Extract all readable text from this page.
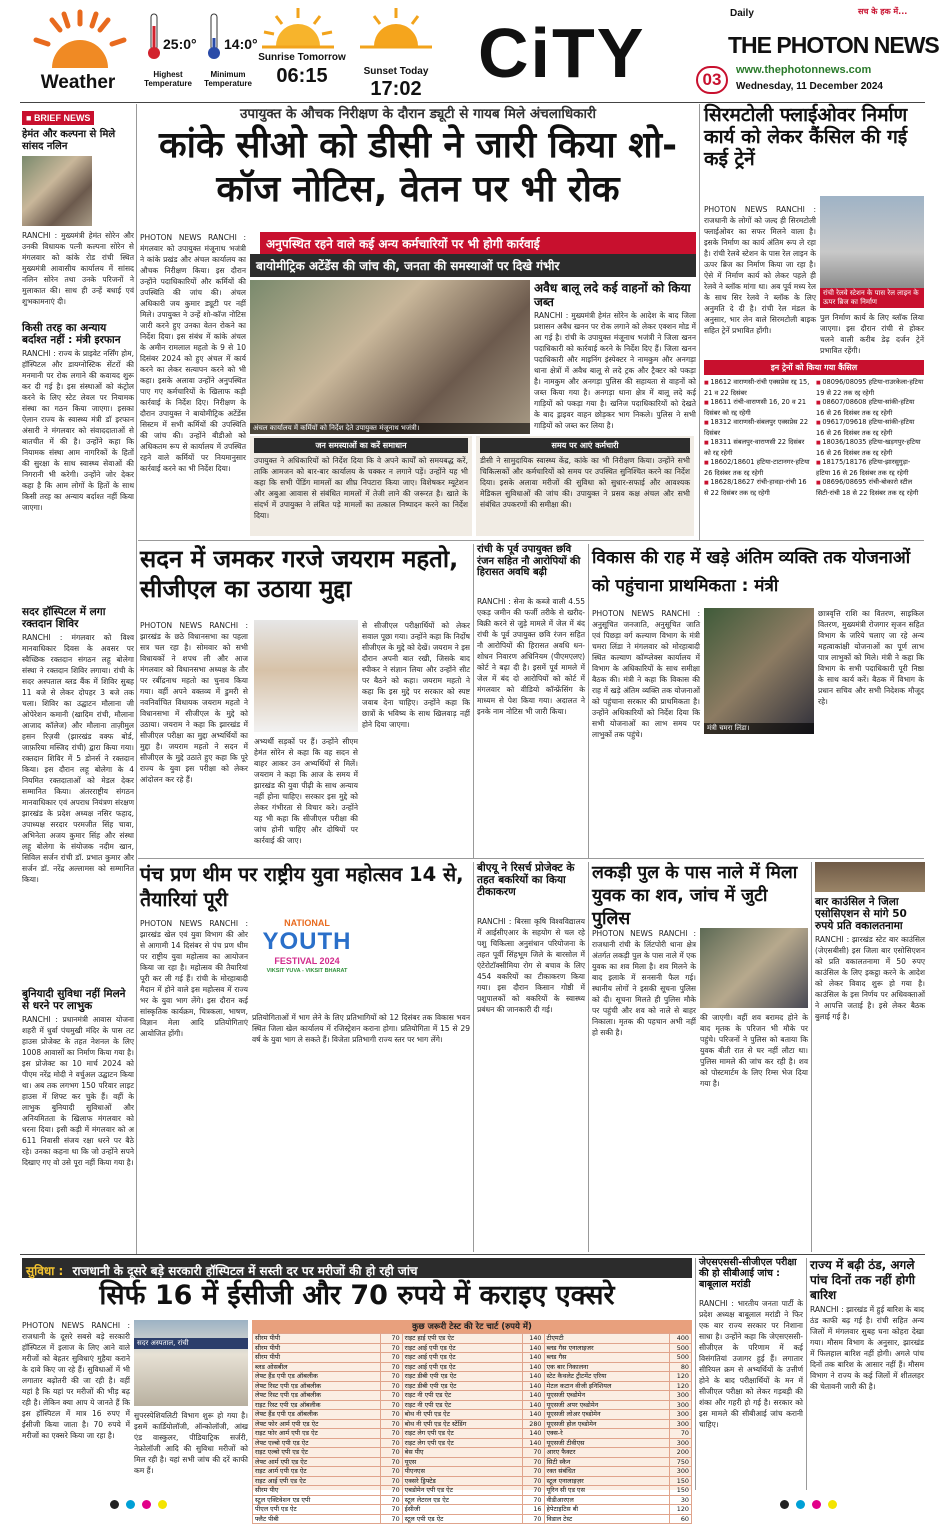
Weather
25:0°
Highest Temperature
14:0°
Minimum Temperature
Sunrise Tomorrow
06:15	Sunset Today
17:02 CiTY
Daily	सच के हक में...
THE PHOTON NEWS
03	www.thephotonnews.com
Wednesday, 11 December 2024
■ BRIEF NEWS
हेमंत और कल्पना से मिले सांसद नलिन
RANCHI : मुख्यमंत्री हेमंत सोरेन और उनकी विधायक पत्नी कल्पना सोरेन से मंगलवार को कांके रोड रांची स्थित मुख्यमंत्री आवासीय कार्यालय में सांसद नलिन सोरेन तथा उनके परिजनों ने मुलाकात की। साथ ही उन्हें बधाई एवं शुभकामनाएं दी।
किसी तरह का अन्याय बर्दाश्त नहीं : मंत्री इरफान
RANCHI : राज्य के प्राइवेट नर्सिंग होम, हॉस्पिटल और डायग्नोस्टिक सेंटरों की मनमानी पर रोक लगाने की कवायद शुरू कर दी गई है। इस संस्थाओं को कंट्रोल करने के लिए स्टेट लेवल पर नियामक संस्था का गठन किया जाएगा। इसका ऐलान राज्य के स्वास्थ्य मंत्री डॉ इरफान अंसारी ने मंगलवार को संवाददाताओं से बातचीत में की है। उन्होंने कहा कि नियामक संस्था आम नागरिकों के हितों की सुरक्षा के साथ स्वास्थ्य सेवाओं की निगरानी भी करेगी। उन्होंने जोर देकर कहा है कि आम लोगों के हितों के साथ किसी तरह का अन्याय बर्दाश्त नहीं किया जाएगा।
सदर हॉस्पिटल में लगा रक्तदान शिविर
RANCHI : मंगलवार को विश्व मानवाधिकार दिवस के अवसर पर स्वैच्छिक रक्तदान संगठन लहू बोलेगा संस्था ने रक्तदान शिविर लगाया। रांची के सदर अस्पताल ब्लड बैंक में शिविर सुबह 11 बजे से लेकर दोपहर 3 बजे तक चला। शिविर का उद्घाटन मौलाना जी ओपेरेशन कमानी (खादिम रांची, मौलाना आजाद कॉलेज) और मौलाना ताज़ीमुल हसन रिज़वी (झारखंड वक्फ बोर्ड, जाफ़रिया मस्जिद रांची) द्वारा किया गया। रक्तदान शिविर में 5 डोनर्स ने रक्तदान किया। इस दौरान लहू बोलेगा के 4 नियमित रक्तदाताओं को मेडल देकर सम्मानित किया। अंतरराष्ट्रीय संगठन मानवाधिकार एवं अपराध नियंत्रण संरक्षण झारखंड के प्रदेश अध्यक्ष नसिर फहाद, उपाध्यक्ष सरदार परमजीत सिंह चावा, अभिनेता अजय कुमार सिंह और संस्था लहू बोलेगा के संयोजक नदीम खान, सिविल सर्जन रांची डॉ. प्रभात कुमार और सर्जन डॉ. नरेंद्र अल्लामस को सम्मानित किया।
बुनियादी सुविधा नहीं मिलने से धरने पर लाभुक
RANCHI : प्रधानमंत्री आवास योजना शहरी में धुर्वा पंचमुखी मंदिर के पास तट हाउस प्रोजेक्ट के तहत नेशनल के लिए 1008 आवासों का निर्माण किया गया है। इस प्रोजेक्ट का 10 मार्च 2024 को पीएम नरेंद्र मोदी ने वर्चुअल उद्घाटन किया था। अब तक लगभग 150 परिवार लाइट हाउस में शिफ्ट कर चुके हैं। वहीं के लाभुक बुनियादी सुविधाओं और अनियमितता के खिलाफ मंगलवार को धरना दिया। इसी कड़ी में मंगलवार को अ 611 निवासी संजय रक्षा धरने पर बैठे रहे। उनका कहना था कि जो उन्होंने सपने दिखाए गए वो उसे पूरा नहीं किया गया है।
उपायुक्त के औचक निरीक्षण के दौरान ड्यूटी से गायब मिले अंचलाधिकारी
कांके सीओ को डीसी ने जारी किया शो-कॉज नोटिस, वेतन पर भी रोक
अनुपस्थित रहने वाले कई अन्य कर्मचारियों पर भी होगी कार्रवाई
बायोमीट्रिक अटेंडेंस की जांच की, जनता की समस्याओं पर दिखे गंभीर
PHOTON NEWS RANCHI : मंगलवार को उपायुक्त मंजूनाथ भजंत्री ने कांके प्रखंड और अंचल कार्यालय का औचक निरीक्षण किया। इस दौरान उन्होंने पदाधिकारियों और कर्मियों की उपस्थिति की जांच की। अंचल अधिकारी जय कुमार ड्यूटी पर नहीं मिले। उपायुक्त ने उन्हें शो-कॉज नोटिस जारी करने हुए उनका वेतन रोकने का निर्देश दिया। इस संबंध में कांके अंचल के अमीन रामलाल महतो के 9 से 10 दिसंबर 2024 को हुए अंचल में कार्य करने का लेकर सत्यापन करने को भी कहा। इसके अलावा उन्होंने अनुपस्थित पाए गए कर्मचारियों के खिलाफ कड़ी कार्रवाई के निर्देश दिए। निरीक्षण के दौरान उपायुक्त ने बायोमीट्रिक अटेंडेंस सिस्टम में सभी कर्मियों की उपस्थिति की जांच की। उन्होंने बीडीओ को अधिकतम रूप से कार्यालय में उपस्थित रहने वाले कर्मियों पर नियमानुसार कार्रवाई करने का भी निर्देश दिया।
अंचल कार्यालय में कर्मियों को निर्देश देते उपायुक्त मंजूनाथ भजंत्री।
जन समस्याओं का करें समाधान
उपायुक्त ने अधिकारियों को निर्देश दिया कि वे अपने कार्यों को समयबद्ध करें, ताकि आमजन को बार-बार कार्यालय के चक्कर न लगाने पड़ें। उन्होंने यह भी कहा कि सभी पेंडिंग मामलों का शीघ्र निपटारा किया जाए। विशेषकर म्यूटेशन और अबुआ आवास से संबंधित मामलों में तेजी लाने की जरूरत है। खाते के संदर्भ में उपायुक्त ने लंबित पड़े मामलों का तत्काल निष्पादन करने का निर्देश दिया।
समय पर आएं कर्मचारी
डीसी ने सामुदायिक स्वास्थ्य केंद्र, कांके का भी निरीक्षण किया। उन्होंने सभी चिकित्सकों और कर्मचारियों को समय पर उपस्थित सुनिश्चित करने का निर्देश दिया। इसके अलावा मरीजों की सुविधा को सुधार-सफाई और आवश्यक मेडिकल सुविधाओं की जांच की। उपायुक्त ने प्रसव कक्ष अंचल और सभी संबंधित उपकरणों की समीक्षा की।
अवैध बालू लदे कई वाहनों को किया जब्त
RANCHI : मुख्यमंत्री हेमंत सोरेन के आदेश के बाद जिला प्रशासन अवैध खनन पर रोक लगाने को लेकर एक्शन मोड में आ गई है। रांची के उपायुक्त मंजूनाथ भजंत्री ने जिला खनन पदाधिकारी को कार्रवाई करने के निर्देश दिए हैं। जिला खनन पदाधिकारी और माइनिंग इंस्पेक्टर ने नामकुम और अनगड़ा थाना क्षेत्रों में अवैध बालू से लदे ट्रक और ट्रैक्टर को पकड़ा है। नामकुम और अनगड़ा पुलिस की सहायता से वाहनों को जब्त किया गया है। अनगड़ा थाना क्षेत्र में बालू लदे कई गाड़ियों को पकड़ा गया है। खनिज पदाधिकारियों को देखते के बाद ड्राइवर वाहन छोड़कर भाग निकले। पुलिस ने सभी गाड़ियों को जब्त कर लिया है।
सिरमटोली फ्लाईओवर निर्माण कार्य को लेकर कैंसिल की गई कई ट्रेनें
PHOTON NEWS RANCHI : राजधानी के लोगों को जल्द ही सिरमटोली फ्लाईओवर का सफर मिलने वाला है। इसके निर्माण का कार्य अंतिम रूप ले रहा है। रांची रेलवे स्टेशन के पास रेल लाइन के ऊपर ब्रिज का निर्माण किया जा रहा है। ऐसे में निर्माण कार्य को लेकर पहले ही रेलवे ने ब्लॉक मांगा था। अब पूर्व मध्य रेल के साथ सिर रेलवे ने ब्लॉक के लिए अनुमति दे दी है। रांची रेल मंडल के अनुसार, भार लेन वाले सिरमटोली बाइक सहित ट्रेनें प्रभावित होंगी।
रांची रेलवे स्टेशन के पास रेल लाइन के ऊपर ब्रिज का निर्माण
पुल निर्माण कार्य के लिए ब्लॉक लिया जाएगा। इस दौरान रांची से होकर चलने वाली करीब डेढ़ दर्जन ट्रेनें प्रभावित रहेंगी।
इन ट्रेनों को किया गया कैंसिल
■ 18612 वाराणसी-रांची एक्सप्रेस रद्द 15, 21 व 22 दिसंबर
■ 18611 रांची-वाराणसी 16, 20 व 21 दिसंबर को रद्द रहेगी
■ 18312 वाराणसी-संबलपुर एक्सप्रेस 22 दिसंबर
■ 18311 संबलपुर-वाराणसी 22 दिसंबर को रद्द रहेगी
■ 18602/18601 हटिया-टाटानगर-हटिया 26 दिसंबर तक रद्द रहेगी
■ 18628/18627 रांची-हावड़ा-रांची 16 से 22 दिसंबर तक रद्द रहेगी
■ 08096/08095 हटिया-राउरकेला-हटिया 19 से 22 तक रद्द रहेगी
■ 08607/08608 हटिया-सांकी-हटिया 16 से 26 दिसंबर तक रद्द रहेगी
■ 09617/09618 हटिया-सांकी-हटिया 16 से 26 दिसंबर तक रद्द रहेगी
■ 18036/18035 हटिया-खड़गपुर-हटिया 16 से 26 दिसंबर तक रद्द रहेगी
■ 18175/18176 हटिया-झारसुगुड़ा-हटिया 16 से 26 दिसंबर तक रद्द रहेगी
■ 08696/08695 रांची-बोकारो स्टील सिटी-रांची 18 से 22 दिसंबर तक रद्द रहेगी
सदन में जमकर गरजे जयराम महतो, सीजीएल का उठाया मुद्दा
PHOTON NEWS RANCHI : झारखंड के छठे विधानसभा का पहला सत्र चल रहा है। सोमवार को सभी विधायकों ने शपथ ली और आज मंगलवार को विधानसभा अध्यक्ष के तौर पर रबींद्रनाथ महतो का चुनाव किया गया। वहीं अपने वक्तव्य में डुमरी से नवनिर्वाचित विधायक जयराम महतो ने विधानसभा में सीजीएल के मुद्दे को उठाया। जयराम ने कहा कि झारखंड में सीजीएल परीक्षा का मुद्दा अभ्यर्थियों का मुद्दा है। जयराम महतो ने सदन में सीजीएल के मुद्दे उठाते हुए कहा कि पूरे राज्य के युवा इस परीक्षा को लेकर आंदोलन कर रहे हैं।
अभ्यर्थी सड़कों पर हैं। उन्होंने सीएम हेमंत सोरेन से कहा कि वह सदन से बाहर आकर उन अभ्यर्थियों से मिलें। जयराम ने कहा कि आज के समय में झारखंड की युवा पीढ़ी के साथ अन्याय नहीं होना चाहिए। सरकार इस मुद्दे को लेकर गंभीरता से विचार करे। उन्होंने यह भी कहा कि सीजीएल परीक्षा की जांच होनी चाहिए और दोषियों पर कार्रवाई की जाए।
से सीजीएल परीक्षार्थियों को लेकर सवाल पूछा गया। उन्होंने कहा कि निर्दोष सीजीएल के मुद्दे को देखें। जयराम ने इस दौरान अपनी बात रखी, जिसके बाद स्पीकर ने संज्ञान लिया और उन्होंने सीट पर बैठने को कहा। जयराम महतो ने कहा कि इस मुद्दे पर सरकार को स्पष्ट जवाब देना चाहिए। उन्होंने कहा कि छात्रों के भविष्य के साथ खिलवाड़ नहीं होने दिया जाएगा।
रांची के पूर्व उपायुक्त छवि रंजन सहित नौ आरोपियों की हिरासत अवधि बढ़ी
RANCHI : सेना के कब्जे वाली 4.55 एकड़ जमीन की फर्जी तरीके से खरीद-बिक्री करने से जुड़े मामले में जेल में बंद रांची के पूर्व उपायुक्त छवि रंजन सहित नौ आरोपियों की हिरासत अवधि धन-शोधन निवारण अधिनियम (पीएमएलए) कोर्ट ने बढ़ा दी है। इसमें पूर्व मामले में जेल में बंद दो आरोपियों को कोर्ट में मंगलवार को वीडियो कॉन्फ्रेंसिंग के माध्यम से पेश किया गया। अदालत ने इनके नाम नोटिस भी जारी किया।
विकास की राह में खड़े अंतिम व्यक्ति तक योजनाओं को पहुंचाना प्राथमिकता : मंत्री
PHOTON NEWS RANCHI : अनुसूचित जनजाति, अनुसूचित जाति एवं पिछड़ा वर्ग कल्याण विभाग के मंत्री चमरा लिंडा ने मंगलवार को मोरहाबादी स्थित कल्याण कॉम्प्लेक्स कार्यालय में विभाग के अधिकारियों के साथ समीक्षा बैठक की। मंत्री ने कहा कि विकास की राह में खड़े अंतिम व्यक्ति तक योजनाओं को पहुंचाना सरकार की प्राथमिकता है। उन्होंने अधिकारियों को निर्देश दिया कि सभी योजनाओं का लाभ समय पर लाभुकों तक पहुंचे।
मंत्री चमरा लिंडा।
छात्रवृत्ति राशि का वितरण, साइकिल वितरण, मुख्यमंत्री रोजगार सृजन सहित विभाग के जरिये चलाए जा रहे अन्य महत्वाकांक्षी योजनाओं का पूर्ण लाभ पात्र लाभुकों को मिले। मंत्री ने कहा कि विभाग के सभी पदाधिकारी पूरी निष्ठा के साथ कार्य करें। बैठक में विभाग के प्रधान सचिव और सभी निदेशक मौजूद रहे।
पंच प्रण थीम पर राष्ट्रीय युवा महोत्सव 14 से, तैयारियां पूरी
PHOTON NEWS RANCHI : झारखंड खेल एवं युवा विभाग की ओर से आगामी 14 दिसंबर से पंच प्रण थीम पर राष्ट्रीय युवा महोत्सव का आयोजन किया जा रहा है। महोत्सव की तैयारियां पूरी कर ली गई हैं। रांची के मोरहाबादी मैदान में होने वाले इस महोत्सव में राज्य भर के युवा भाग लेंगे। इस दौरान कई सांस्कृतिक कार्यक्रम, चित्रकला, भाषण, विज्ञान मेला आदि प्रतियोगिताएं आयोजित होंगी।
NATIONAL
YOUTH
FESTIVAL 2024
VIKSIT YUVA - VIKSIT BHARAT
प्रतियोगिताओं में भाग लेने के लिए प्रतिभागियों को 12 दिसंबर तक विकास भवन स्थित जिला खेल कार्यालय में रजिस्ट्रेशन कराना होगा। प्रतियोगिता में 15 से 29 वर्ष के युवा भाग ले सकते हैं। विजेता प्रतिभागी राज्य स्तर पर भाग लेंगे।
बीएयू ने रिसर्च प्रोजेक्ट के तहत बकरियों का किया टीकाकरण
RANCHI : बिरसा कृषि विश्वविद्यालय में आईसीएआर के सहयोग से चल रहे पशु चिकित्सा अनुसंधान परियोजना के तहत पूर्वी सिंहभूम जिले के बारसोल में एंटेरोटॉक्सीमिया रोग से बचाव के लिए 454 बकरियों का टीकाकरण किया गया। इस दौरान किसान गोष्ठी में पशुपालकों को बकरियों के स्वास्थ्य प्रबंधन की जानकारी दी गई।
लकड़ी पुल के पास नाले में मिला युवक का शव, जांच में जुटी पुलिस
PHOTON NEWS RANCHI : राजधानी रांची के लिंटपोरी थाना क्षेत्र अंतर्गत लकड़ी पुल के पास नाले में एक युवक का शव मिला है। शव मिलने के बाद इलाके में सनसनी फैल गई। स्थानीय लोगों ने इसकी सूचना पुलिस को दी। सूचना मिलते ही पुलिस मौके पर पहुंची और शव को नाले से बाहर निकाला। मृतक की पहचान अभी नहीं हो सकी है।
की जाएगी। वहीं शव बरामद होने के बाद मृतक के परिजन भी मौके पर पहुंचे। परिजनों ने पुलिस को बताया कि युवक बीती रात से घर नहीं लौटा था। पुलिस मामले की जांच कर रही है। शव को पोस्टमार्टम के लिए रिम्स भेज दिया गया है।
बार काउंसिल ने जिला एसोसिएशन से मांगे 50 रुपये प्रति वकालतनामा
RANCHI : झारखंड स्टेट बार काउंसिल (जेएसबीसी) इस जिला बार एसोसिएशन को प्रति वकालतनामा में 50 रुपए काउंसिल के लिए इकट्ठा करने के आदेश को लेकर विवाद शुरू हो गया है। काउंसिल के इस निर्णय पर अधिवक्ताओं ने आपत्ति जताई है। इसे लेकर बैठक बुलाई गई है।
सुविधा : राजधानी के दूसरे बड़े सरकारी हॉस्पिटल में सस्ती दर पर मरीजों की हो रही जांच
सिर्फ 16 में ईसीजी और 70 रुपये में कराइए एक्सरे
PHOTON NEWS RANCHI : राजधानी के दूसरे सबसे बड़े सरकारी हॉस्पिटल में इलाज के लिए आने वाले मरीजों को बेहतर सुविधाएं मुहैया कराने के दावे किए जा रहे हैं। सुविधाओं में भी लगातार बढ़ोतरी की जा रही है। वहीं यहां है कि यहां पर मरीजों की भीड़ बढ़ रही है। लेकिन क्या आप ये जानते हैं कि इस हॉस्पिटल में मात्र 16 रुपए में ईसीजी किया जाता है। 70 रुपये में मरीजों का एक्सरे किया जा रहा है।
सदर अस्पताल, रांची
सुपरस्पेशियलिटी विभाग शुरू हो गया है। इसमें कार्डियोलॉजी, ऑन्कोलॉजी, आंख एंड वास्कुलर, पीडियाट्रिक सर्जरी, नेफ्रोलॉजी आदि की सुविधा मरीजों को मिल रही है। यहां सभी जांच की दरें काफी कम हैं।
कुछ जरूरी टेस्ट की रेट चार्ट (रुपये में)
सीरम पीपी	70	राइट हाई एपी एड ऐट	140	टीएमटी	400
सीरम पीपी	70	राइट आई एपी एड ऐट	140	ब्लड गैस एनालाइजर	500
सीरम पीपी	70	राइट आई एपी एड ऐट	140	ब्लड गैस	500
ब्लड ओसबील	70	राइट आई एपी एड ऐट	140	एक बार निकालना	80
लेफ्ट हैंड एपी एड ऑबलीक	70	राइट डीबी एपी एड ऐट	140	स्टेट कैथलेट ट्रीटमेंट एरिया	120
लेफ्ट रिस्ट एपी एड ऑबलीक	70	राइट डीबी एपी एड ऐट	140	मेटल कटान वीजी इनिशियल	120
लेफ्ट रिस्ट एपी एड ऑबलीक	70	राइट नी एपी एड ऐट	140	यूएसजी एब्डोमेन	300
राइट रिस्ट एपी एड ऑबलीक	70	राइट नी एपी एड ऐट	140	यूएसजी अपर एब्डोमेन	300
लेफ्ट हैंड एपी एड ऑबलीक	70	बोथ नी एपी एड ऐट	140	यूएसजी लोअर एब्डोमेन	300
लेफ्ट फोर आर्म एपी एड ऐट	70	बोथ नी एपी एड ऐट स्टेंडिंग	280	यूएसजी होल एब्डोमेन	300
राइट फोर आर्म एपी एड ऐट	70	राइट लेग एपी एड ऐट	140	एक्स-रे	70
लेफ्ट एल्बो एपी एड ऐट	70	राइट लेग एपी एड ऐट	140	यूएसजी टीवीएस	300
राइट एल्बो एपी एड ऐट	70	बेस पीए	70	आरए फैक्टर	200
लेफ्ट आर्म एपी एड ऐट	70	यूएस	70	सिटी स्कैन	750
राइट आर्म एपी एड ऐट	70	पीएनएस	70	रक्त संबंधित	300
राइट आई एपी एड ऐट	70	एक्सरे ड्रिफ्टेड	70	स्टूल एनालाइज़र	150
सीरम पीए	70	एबडोमेन एपी एड ऐट	70	यूरिन सी एड एस	150
स्टूल एक्टिवेशन एड एपी	70	स्टूल लेटरल एड ऐट	70	वीडीआरएल	30
पीएल एपी एड ऐट	70	ईसीजी	16	हेपेटाइटिस बी	120
फ्लैट पीबी	70	स्टूल एपी एड ऐट	70	विडाल टेस्ट	60
जेएसएससी-सीजीएल परीक्षा की हो सीबीआई जांच : बाबूलाल मरांडी
RANCHI : भारतीय जनता पार्टी के प्रदेश अध्यक्ष बाबूलाल मरांडी ने फिर एक बार राज्य सरकार पर निशाना साधा है। उन्होंने कहा कि जेएसएससी-सीजीएल के परिणाम में कई विसंगतियां उजागर हुई हैं। लगातार सीरियल क्रम से अभ्यर्थियों के उत्तीर्ण होने के बाद परीक्षार्थियों के मन में सीजीएल परीक्षा को लेकर गड़बड़ी की शंका और गहरी हो गई है। सरकार को इस मामले की सीबीआई जांच करानी चाहिए।
राज्य में बढ़ी ठंड, अगले पांच दिनों तक नहीं होगी बारिश
RANCHI : झारखंड में हुई बारिश के बाद ठंड काफी बढ़ गई है। रांची सहित अन्य जिलों में मंगलवार सुबह घना कोहरा देखा गया। मौसम विभाग के अनुसार, झारखंड में फिलहाल बारिश नहीं होगी। अगले पांच दिनों तक बारिश के आसार नहीं हैं। मौसम विभाग ने राज्य के कई जिलों में शीतलहर की चेतावनी जारी की है।
